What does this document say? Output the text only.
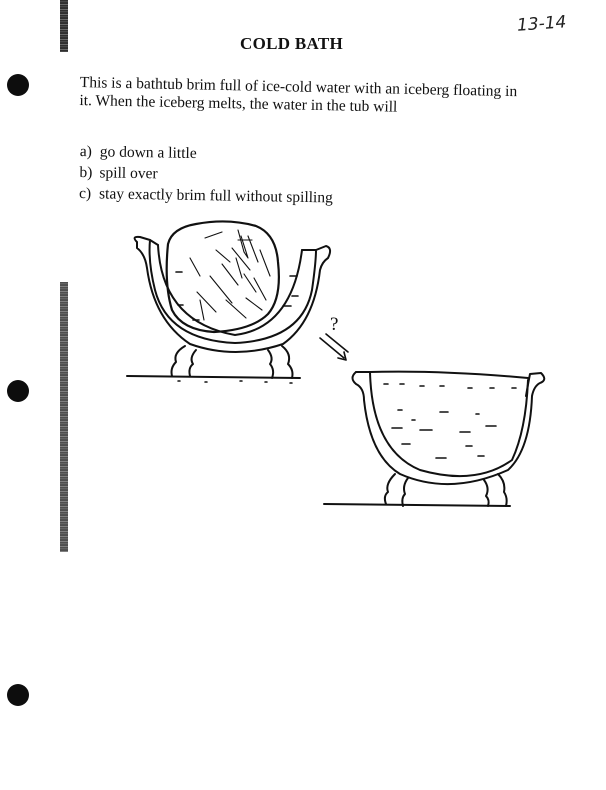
13-14
COLD BATH
This is a bathtub brim full of ice-cold water with an iceberg floating in it. When the iceberg melts, the water in the tub will
a) go down a little
b) spill over
c) stay exactly brim full without spilling
?
